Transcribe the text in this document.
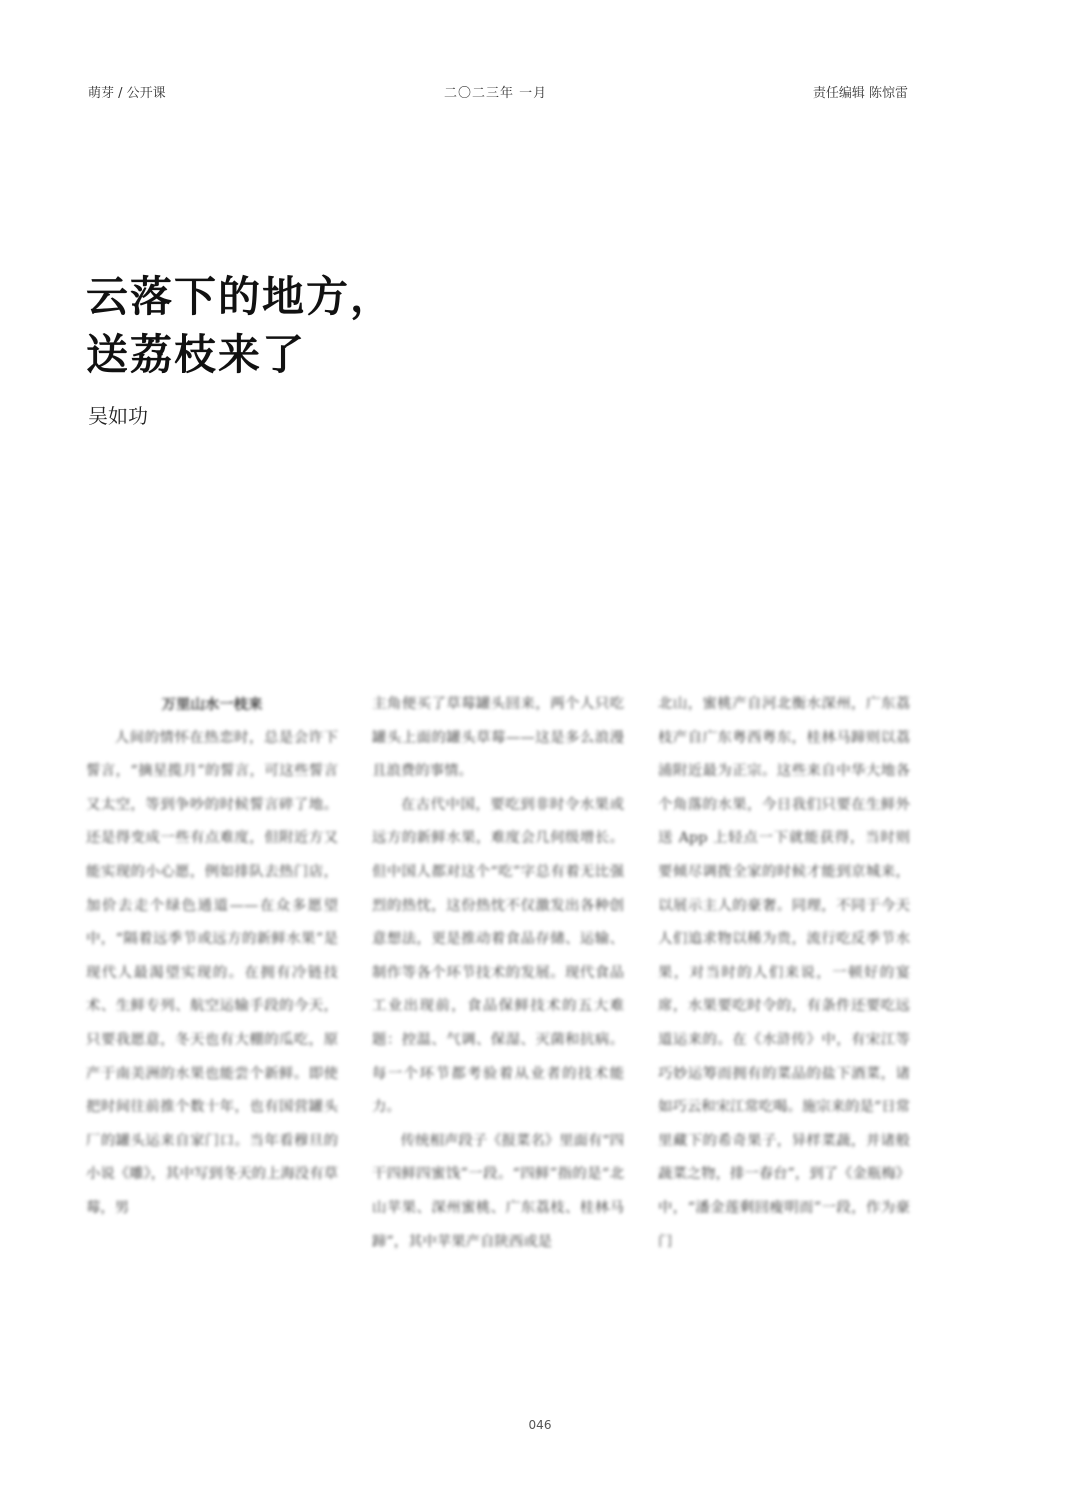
萌芽 / 公开课	二〇二三年 一月	责任编辑 陈惊雷
云落下的地方，
送荔枝来了
吴如功

万里山水一枝来

人间的情怀在热恋时，总是会许下誓言，“摘星揽月”的誓言，可这些誓言又太空，等到争吵的时候誓言碎了地。还是得变成一些有点难度，但附近方又能实现的小心愿，例如排队去热门店，加价去走个绿色通道——在众多愿望中，“隔着远季节或远方的新鲜水果”是现代人最渴望实现的。在拥有冷链技术、生鲜专列、航空运输手段的今天，只要我愿意，冬天也有大棚的瓜吃，原产于南美洲的水果也能尝个新鲜。即使把时间往前推个数十年，也有国营罐头厂的罐头运来自家门口。当年看穆旦的小说《雕》，其中写到冬天的上海没有草莓，男

主角便买了草莓罐头回来，两个人只吃罐头上面的罐头草莓——这是多么浪漫且浪费的事情。

在古代中国，要吃到非时令水果或远方的新鲜水果，难度会几何级增长。但中国人都对这个“吃”字总有着无比强烈的热忱，这份热忱不仅激发出各种创意想法，更是推动着食品存储、运输、制作等各个环节技术的发展。现代食品工业出现前，食品保鲜技术的五大难题：控温、气调、保湿、灭菌和抗病。每一个环节都考验着从业者的技术能力。

传统相声段子《报菜名》里面有“四干四鲜四蜜饯”一段。“四鲜”指的是“北山苹果、深州蜜桃、广东荔枝、桂林马蹄”，其中苹果产自陕西或是

北山，蜜桃产自河北衡水深州，广东荔枝产自广东粤西粤东，桂林马蹄则以荔浦附近最为正宗。这些来自中华大地各个角落的水果，今日我们只要在生鲜外送 App 上轻点一下就能获得，当时则要倾尽调拨全家的时候才能到京城来，以展示主人的豪奢。同理，不同于今天人们追求物以稀为贵，流行吃反季节水果，对当时的人们来说，一顿好的宴席，水果要吃时令的，有条件还要吃远道运来的。在《水浒传》中，有宋江等巧妙运筹而拥有的菜品的盐下酒菜，诸如巧云和宋江常吃喝。施宗来的是“日常里藏下的希奇果子，异样菜蔬，并诸般蔬菜之物，排一春台”，到了《金瓶梅》中，“潘金莲剩回瘦明而”一段，作为豪门

046
